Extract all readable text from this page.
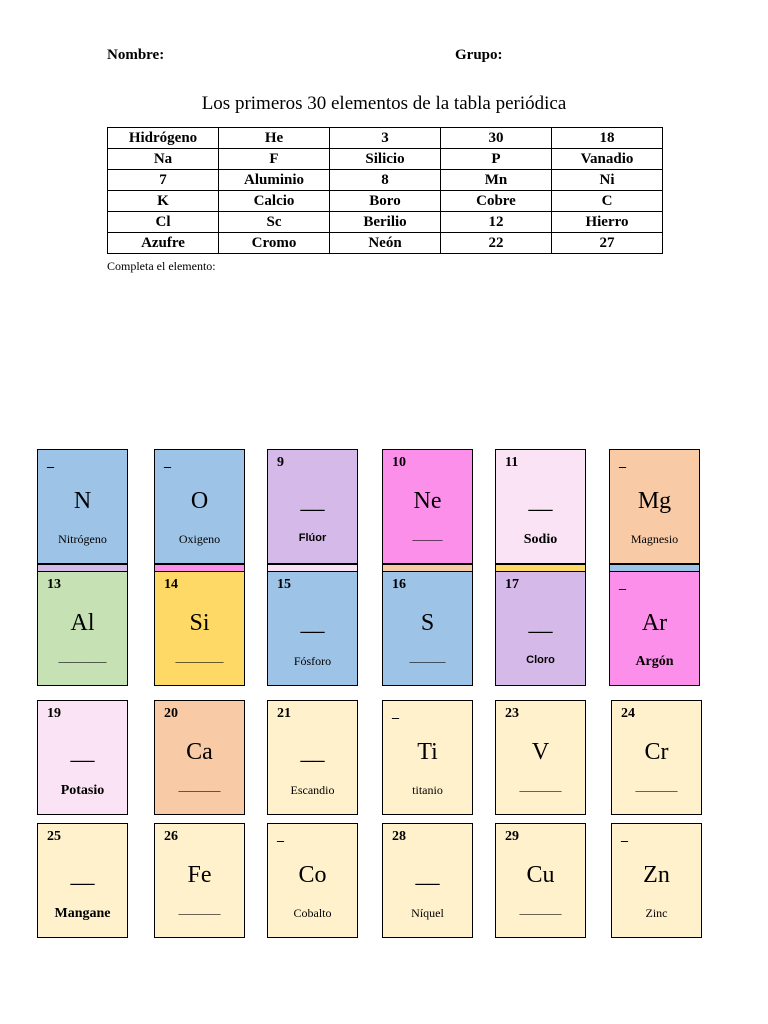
Nombre:	Grupo:
Los primeros 30 elementos de la tabla periódica
Hidrógeno	He	3	30	18
Na	F	Silicio	P	Vanadio
7	Aluminio	8	Mn	Ni
K	Calcio	Boro	Cobre	C
Cl	Sc	Berilio	12	Hierro
Azufre	Cromo	Neón	22	27
Completa el elemento:
_
N
Nitrógeno
_
O
Oxigeno
9
__
Flúor
10
Ne
_____
11
__
Sodio
_
Mg
Magnesio
13
Al
________
14
Si
________
15
__
Fósforo
16
S
______
17
__
Cloro
_
Ar
Argón
19
__
Potasio
20
Ca
_______
21
__
Escandio
_
Ti
titanio
23
V
_______
24
Cr
_______
25
__
Mangane
26
Fe
_______
_
Co
Cobalto
28
__
Níquel
29
Cu
_______
_
Zn
Zinc
